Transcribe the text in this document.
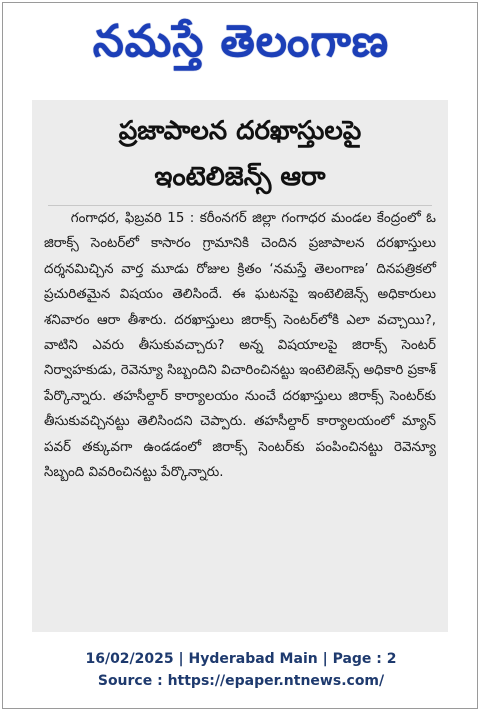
నమస్తే తెలంగాణ
ప్రజాపాలన దరఖాస్తులపై
ఇంటెలిజెన్స్ ఆరా
గంగాధర, ఫిబ్రవరి 15 : కరీంనగర్ జిల్లా గంగాధర మండల కేంద్రంలో ఓ జిరాక్స్ సెంటర్‌లో కాసారం గ్రామానికి చెందిన ప్రజాపాలన దరఖాస్తులు దర్శనమిచ్చిన వార్త మూడు రోజుల క్రితం ‘నమస్తే తెలంగాణ’ దినపత్రికలో ప్రచురితమైన విషయం తెలిసిందే. ఈ ఘటనపై ఇంటెలిజెన్స్ అధికారులు శనివారం ఆరా తీశారు. దరఖాస్తులు జిరాక్స్ సెంటర్‌లోకి ఎలా వచ్చాయి?, వాటిని ఎవరు తీసుకువచ్చారు? అన్న విషయాలపై జిరాక్స్ సెంటర్ నిర్వాహకుడు, రెవెన్యూ సిబ్బందిని విచారించినట్టు ఇంటెలిజెన్స్ అధికారి ప్రకాశ్ పేర్కొన్నారు. తహసీల్దార్ కార్యాలయం నుంచే దరఖాస్తులు జిరాక్స్ సెంటర్‌కు తీసుకువచ్చినట్టు తెలిసిందని చెప్పారు. తహసీల్దార్ కార్యాలయంలో మ్యాన్ పవర్ తక్కువగా ఉండడంలో జిరాక్స్ సెంటర్‌కు పంపించినట్టు రెవెన్యూ సిబ్బంది వివరించినట్టు పేర్కొన్నారు.
16/02/2025 | Hyderabad Main | Page : 2
Source : https://epaper.ntnews.com/
